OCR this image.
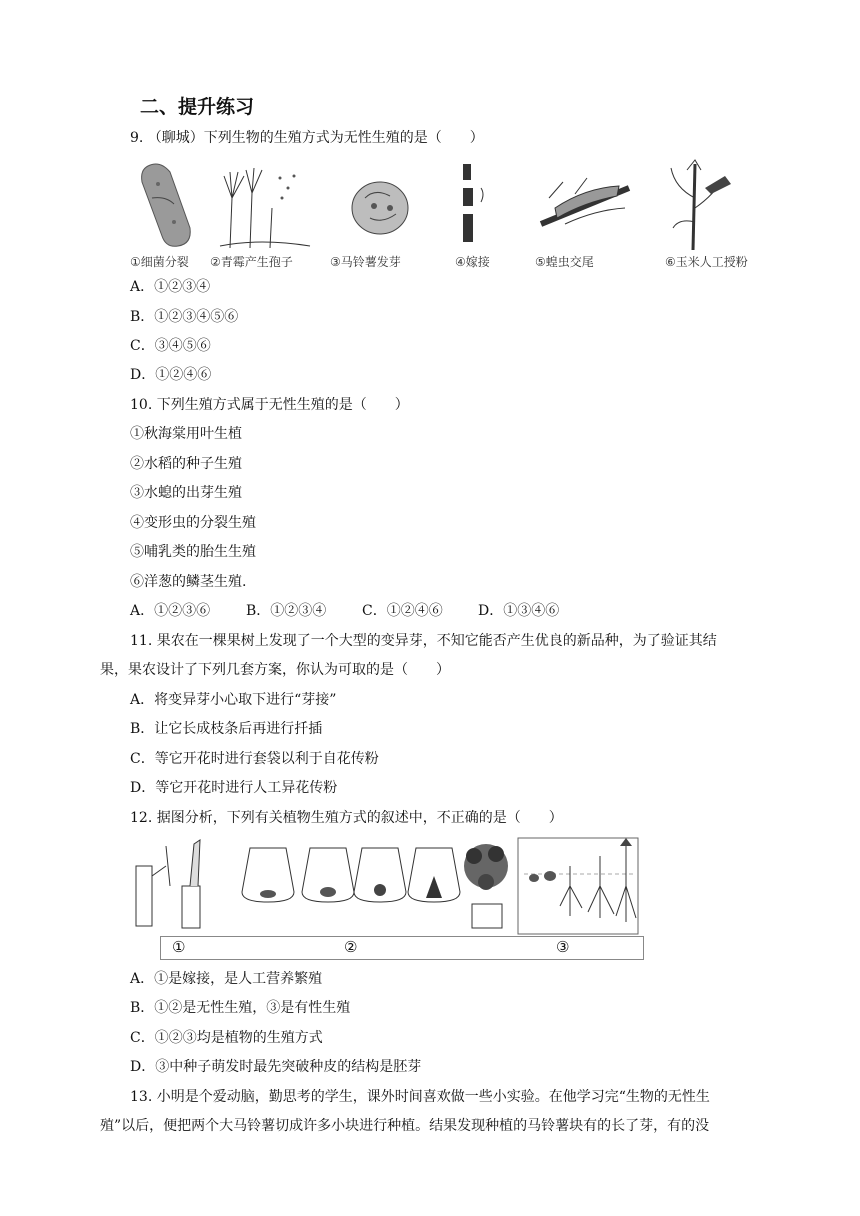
二、提升练习
9. （聊城）下列生物的生殖方式为无性生殖的是（　　）
①细菌分裂 ②青霉产生孢子	③马铃薯发芽	④嫁接	⑤蝗虫交尾	⑥玉米人工授粉
A．①②③④
B．①②③④⑤⑥
C．③④⑤⑥
D．①②④⑥
10. 下列生殖方式属于无性生殖的是（　　）
①秋海棠用叶生植
②水稻的种子生殖
③水螅的出芽生殖
④变形虫的分裂生殖
⑤哺乳类的胎生生殖
⑥洋葱的鳞茎生殖.
A．①②③⑥	B．①②③④	C．①②④⑥	D．①③④⑥
11. 果农在一棵果树上发现了一个大型的变异芽，不知它能否产生优良的新品种，为了验证其结
果，果农设计了下列几套方案，你认为可取的是（　　）
A．将变异芽小心取下进行“芽接”
B．让它长成枝条后再进行扦插
C．等它开花时进行套袋以利于自花传粉
D．等它开花时进行人工异花传粉
12. 据图分析，下列有关植物生殖方式的叙述中，不正确的是（　　）
①	②	③
A．①是嫁接，是人工营养繁殖
B．①②是无性生殖，③是有性生殖
C．①②③均是植物的生殖方式
D．③中种子萌发时最先突破种皮的结构是胚芽
13. 小明是个爱动脑，勤思考的学生，课外时间喜欢做一些小实验。在他学习完“生物的无性生
殖”以后，便把两个大马铃薯切成许多小块进行种植。结果发现种植的马铃薯块有的长了芽，有的没
